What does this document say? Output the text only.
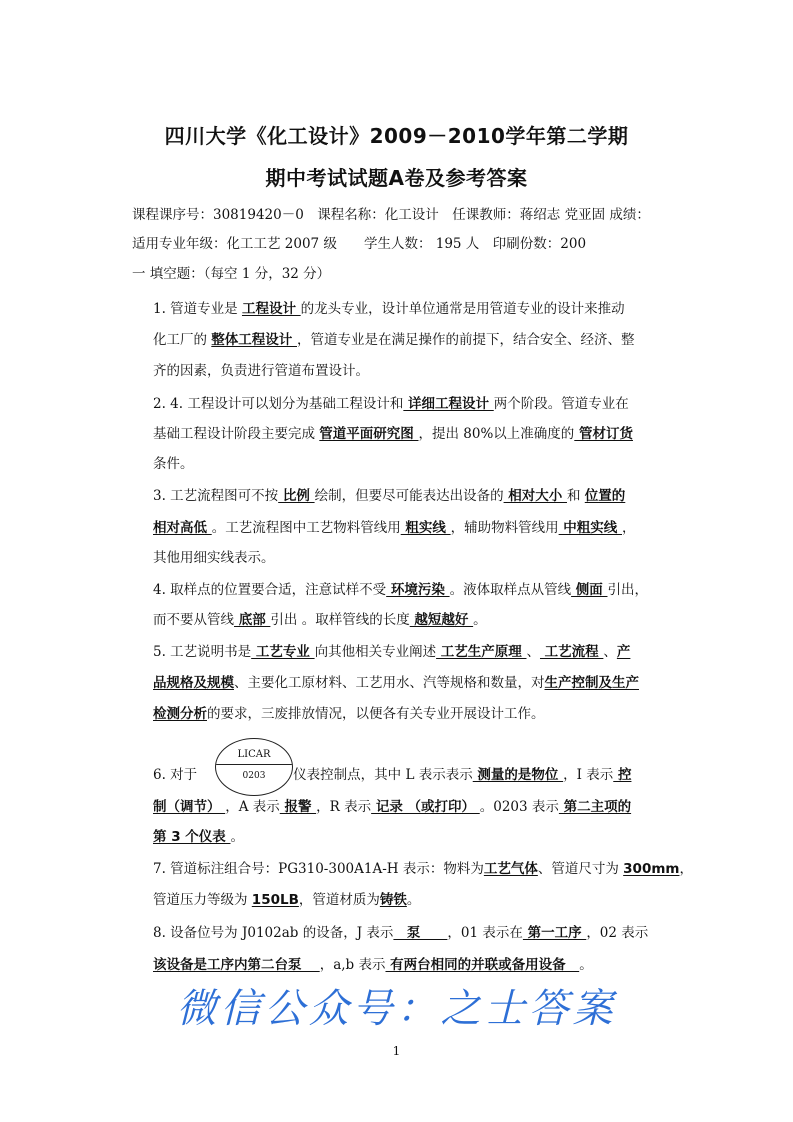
四川大学《化工设计》2009－2010学年第二学期
期中考试试题A卷及参考答案
课程课序号：30819420－0　课程名称：化工设计　任课教师：蒋绍志 党亚固 成绩：
适用专业年级：化工工艺 2007 级　　学生人数： 195 人　印刷份数：200
一 填空题：（每空 1 分，32 分）
1. 管道专业是 工程设计 的龙头专业，设计单位通常是用管道专业的设计来推动
化工厂的 整体工程设计 ，管道专业是在满足操作的前提下，结合安全、经济、整
齐的因素，负责进行管道布置设计。
2. 4. 工程设计可以划分为基础工程设计和 详细工程设计 两个阶段。管道专业在
基础工程设计阶段主要完成 管道平面研究图 ，提出 80%以上准确度的 管材订货
条件。
3. 工艺流程图可不按 比例 绘制，但要尽可能表达出设备的 相对大小 和 位置的
相对高低 。工艺流程图中工艺物料管线用 粗实线 ，辅助物料管线用 中粗实线 ，
其他用细实线表示。
4. 取样点的位置要合适，注意试样不受 环境污染 。液体取样点从管线 侧面 引出，
而不要从管线 底部 引出 。取样管线的长度 越短越好 。
5. 工艺说明书是 工艺专业 向其他相关专业阐述 工艺生产原理 、 工艺流程 、产
品规格及规模、主要化工原材料、工艺用水、汽等规格和数量，对生产控制及生产
检测分析的要求，三废排放情况，以便各有关专业开展设计工作。
6. 对于	仪表控制点，其中 L 表示表示 测量的是物位 ，I 表示 控
制（调节） ，A 表示 报警 ，R 表示 记录 （或打印） 。0203 表示 第二主项的
第 3 个仪表 。
7. 管道标注组合号：PG310-300A1A-H 表示：物料为工艺气体、管道尺寸为 300mm，
管道压力等级为 150LB，管道材质为铸铁。
8. 设备位号为 J0102ab 的设备，J 表示　泵　　，01 表示在 第一工序 ，02 表示
该设备是工序内第二台泵　 ，a,b 表示 有两台相同的并联或备用设备　。
LICAR
0203
微信公众号：之士答案
1
